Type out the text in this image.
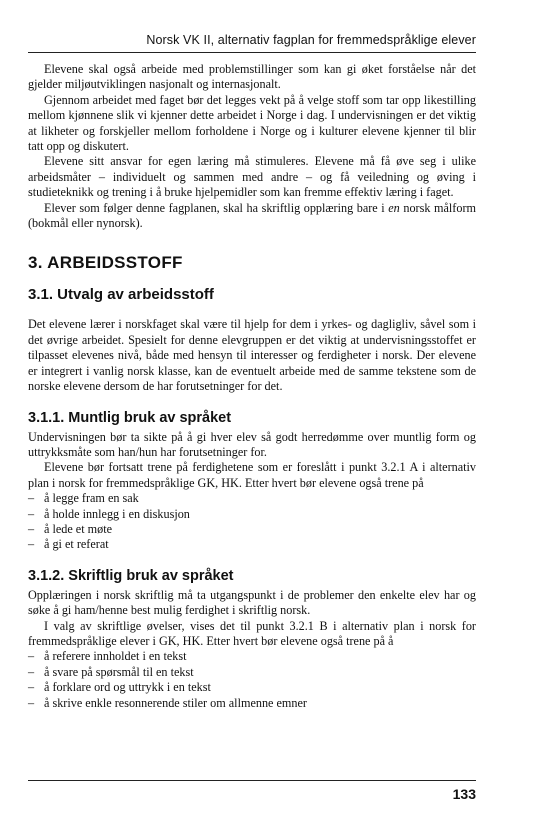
Norsk VK II, alternativ fagplan for fremmedspråklige elever

Elevene skal også arbeide med problemstillinger som kan gi øket forståelse når det gjelder miljøutviklingen nasjonalt og internasjonalt.

Gjennom arbeidet med faget bør det legges vekt på å velge stoff som tar opp likestilling mellom kjønnene slik vi kjenner dette arbeidet i Norge i dag. I undervisningen er det viktig at likheter og forskjeller mellom forholdene i Norge og i kulturer elevene kjenner til blir tatt opp og diskutert.

Elevene sitt ansvar for egen læring må stimuleres. Elevene må få øve seg i ulike arbeidsmåter – individuelt og sammen med andre – og få veiledning og øving i studieteknikk og trening i å bruke hjelpemidler som kan fremme effektiv læring i faget.

Elever som følger denne fagplanen, skal ha skriftlig opplæring bare i en norsk målform (bokmål eller nynorsk).

3. ARBEIDSSTOFF
3.1. Utvalg av arbeidsstoff

Det elevene lærer i norskfaget skal være til hjelp for dem i yrkes- og dagligliv, såvel som i det øvrige arbeidet. Spesielt for denne elevgruppen er det viktig at undervisningsstoffet er tilpasset elevenes nivå, både med hensyn til interesser og ferdigheter i norsk. Der elevene er integrert i vanlig norsk klasse, kan de eventuelt arbeide med de samme tekstene som de norske elevene dersom de har forutsetninger for det.

3.1.1. Muntlig bruk av språket

Undervisningen bør ta sikte på å gi hver elev så godt herredømme over muntlig form og uttrykksmåte som han/hun har forutsetninger for.

Elevene bør fortsatt trene på ferdighetene som er foreslått i punkt 3.2.1 A i alternativ plan i norsk for fremmedspråklige GK, HK. Etter hvert bør elevene også trene på

– å legge fram en sak
– å holde innlegg i en diskusjon
– å lede et møte
– å gi et referat
3.1.2. Skriftlig bruk av språket

Opplæringen i norsk skriftlig må ta utgangspunkt i de problemer den enkelte elev har og søke å gi ham/henne best mulig ferdighet i skriftlig norsk.

I valg av skriftlige øvelser, vises det til punkt 3.2.1 B i alternativ plan i norsk for fremmedspråklige elever i GK, HK. Etter hvert bør elevene også trene på å

– å referere innholdet i en tekst
– å svare på spørsmål til en tekst
– å forklare ord og uttrykk i en tekst
– å skrive enkle resonnerende stiler om allmenne emner
133
